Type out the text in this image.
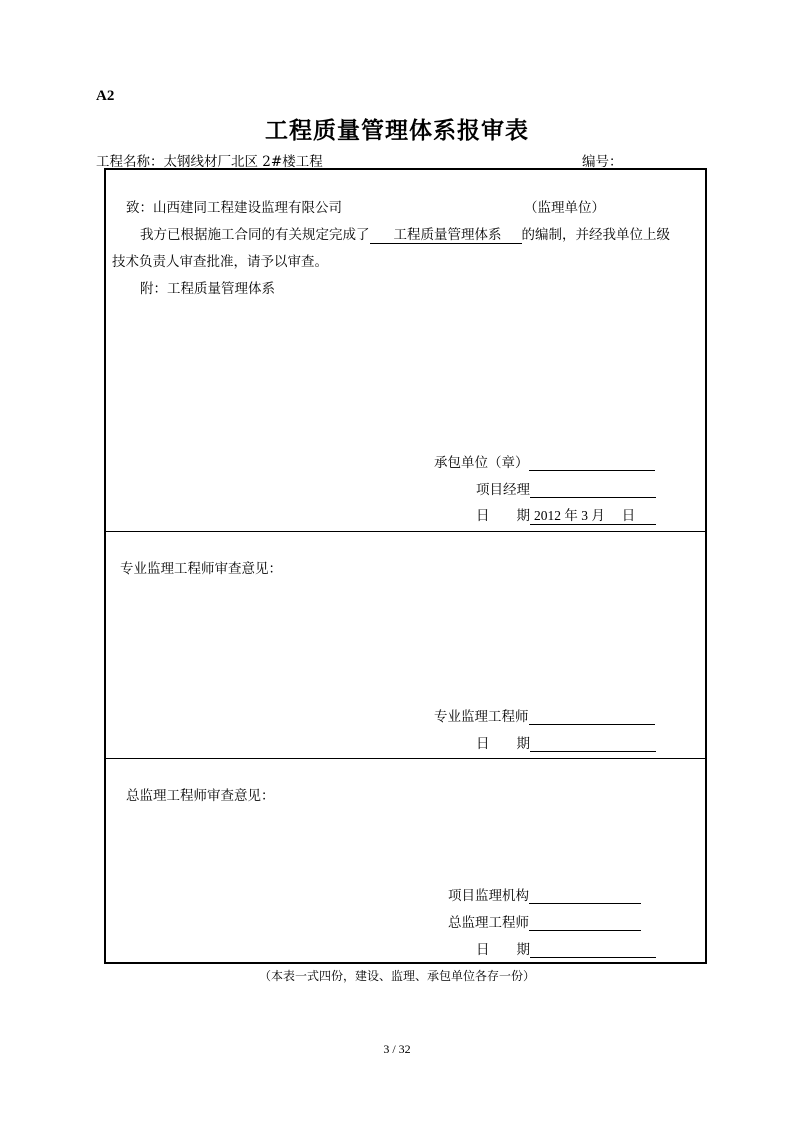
A2
工程质量管理体系报审表
工程名称：太钢线材厂北区 2#楼工程	编号：
致：山西建同工程建设监理有限公司	（监理单位）
我方已根据施工合同的有关规定完成了 工程质量管理体系 的编制，并经我单位上级
技术负责人审查批准，请予以审查。
附：工程质量管理体系
承包单位（章）
项目经理
日　　期 2012 年 3 月　 日
专业监理工程师审查意见：
专业监理工程师
日　　期
总监理工程师审查意见：
项目监理机构
总监理工程师
日　　期
（本表一式四份，建设、监理、承包单位各存一份）
3 / 32
